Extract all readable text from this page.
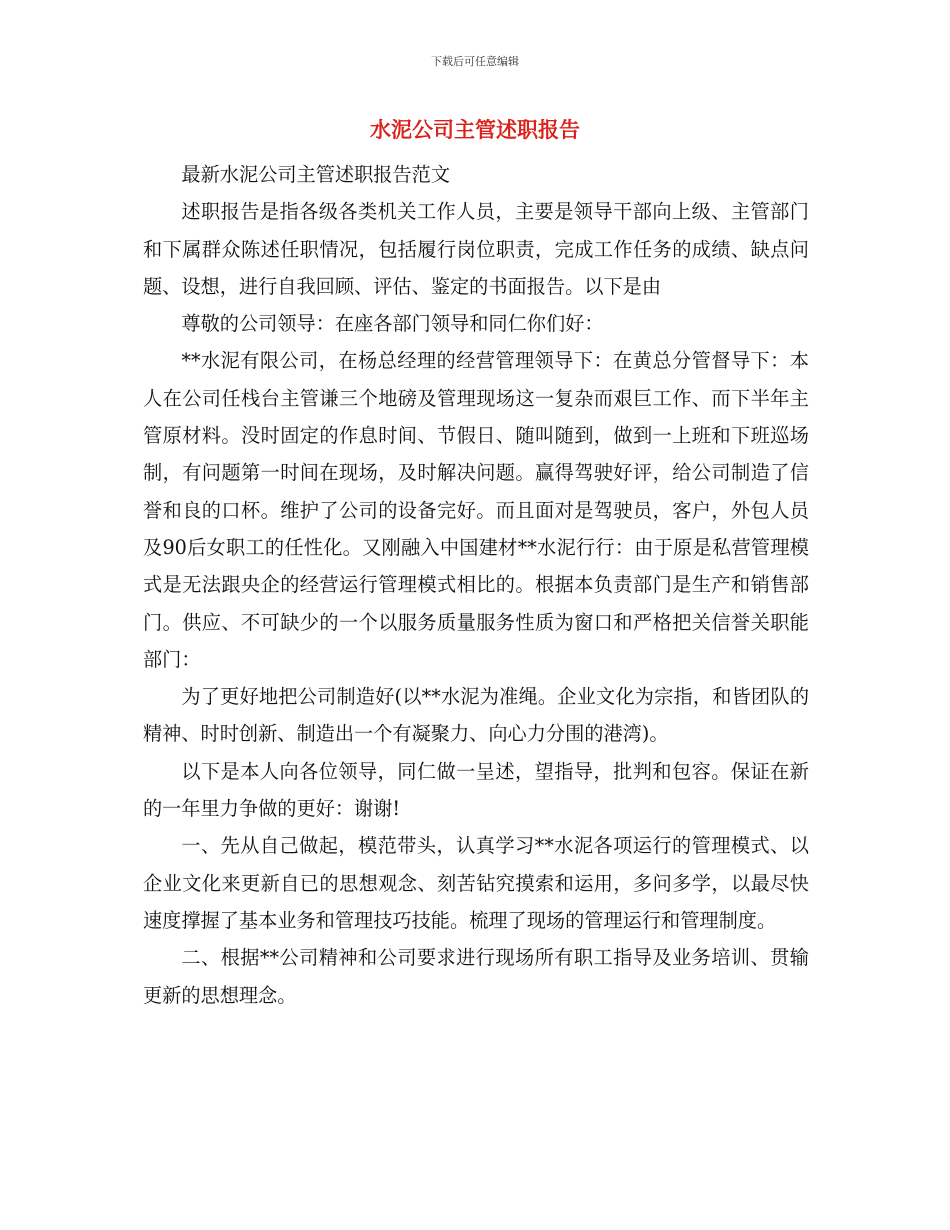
下载后可任意编辑
水泥公司主管述职报告

最新水泥公司主管述职报告范文

述职报告是指各级各类机关工作人员，主要是领导干部向上级、主管部门和下属群众陈述任职情况，包括履行岗位职责，完成工作任务的成绩、缺点问题、设想，进行自我回顾、评估、鉴定的书面报告。以下是由

尊敬的公司领导：在座各部门领导和同仁你们好：

**水泥有限公司，在杨总经理的经营管理领导下：在黄总分管督导下：本人在公司任栈台主管谦三个地磅及管理现场这一复杂而艰巨工作、而下半年主管原材料。没时固定的作息时间、节假日、随叫随到，做到一上班和下班巡场制，有问题第一时间在现场，及时解决问题。赢得驾驶好评，给公司制造了信誉和良的口杯。维护了公司的设备完好。而且面对是驾驶员，客户，外包人员及90后女职工的任性化。又刚融入中国建材**水泥行行：由于原是私营管理模式是无法跟央企的经营运行管理模式相比的。根据本负责部门是生产和销售部门。供应、不可缺少的一个以服务质量服务性质为窗口和严格把关信誉关职能部门：

为了更好地把公司制造好(以**水泥为准绳。企业文化为宗指，和皆团队的精神、时时创新、制造出一个有凝聚力、向心力分围的港湾)。

以下是本人向各位领导，同仁做一呈述，望指导，批判和包容。保证在新的一年里力争做的更好：谢谢!

一、先从自己做起，模范带头，认真学习**水泥各项运行的管理模式、以企业文化来更新自已的思想观念、刻苦钻究摸索和运用，多问多学，以最尽快速度撑握了基本业务和管理技巧技能。梳理了现场的管理运行和管理制度。

二、根据**公司精神和公司要求进行现场所有职工指导及业务培训、贯输更新的思想理念。
